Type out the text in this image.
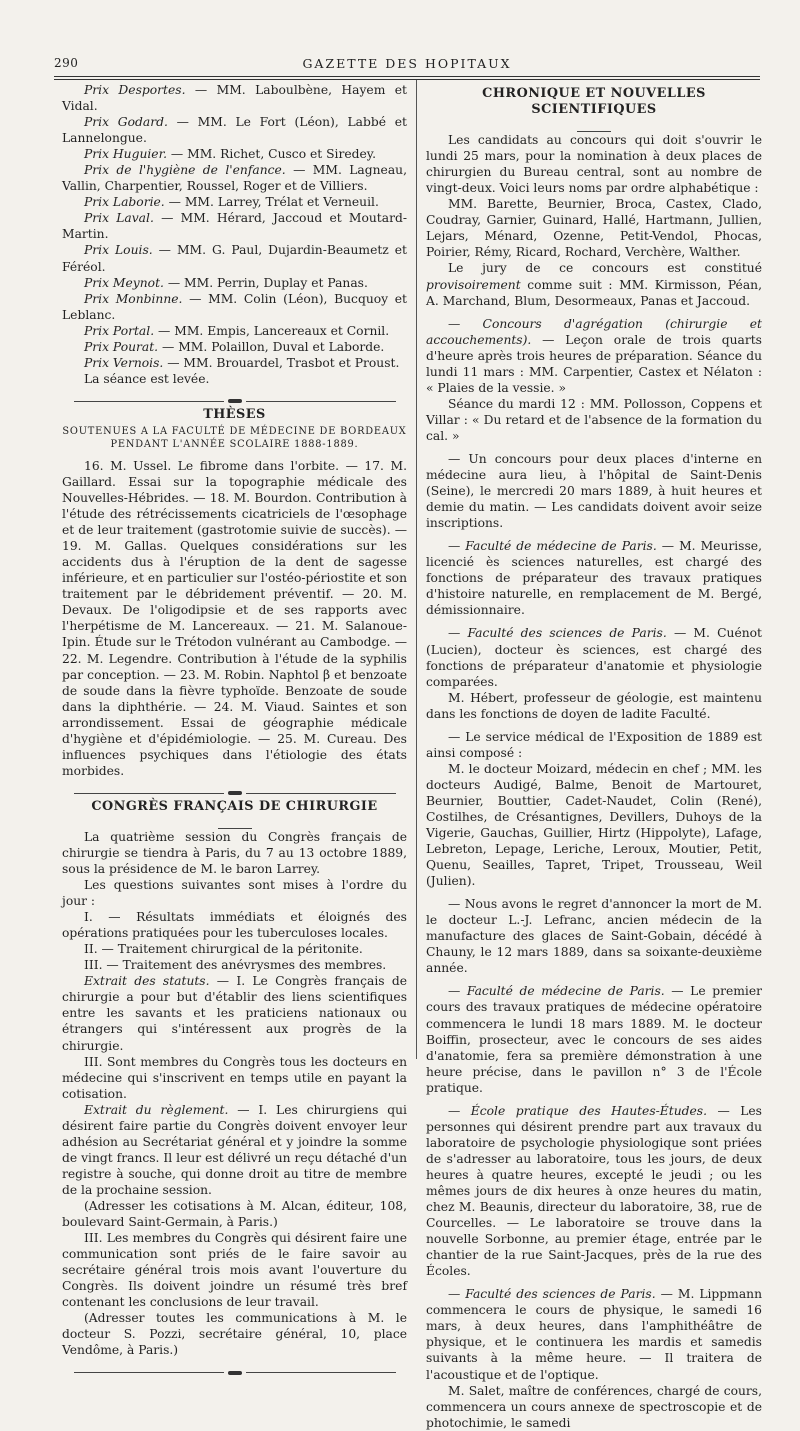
290	GAZETTE DES HOPITAUX

Prix Desportes. — MM. Laboulbène, Hayem et Vidal.

Prix Godard. — MM. Le Fort (Léon), Labbé et Lannelongue.

Prix Huguier. — MM. Richet, Cusco et Siredey.

Prix de l'hygiène de l'enfance. — MM. Lagneau, Vallin, Charpentier, Roussel, Roger et de Villiers.

Prix Laborie. — MM. Larrey, Trélat et Verneuil.

Prix Laval. — MM. Hérard, Jaccoud et Moutard-Martin.

Prix Louis. — MM. G. Paul, Dujardin-Beaumetz et Féréol.

Prix Meynot. — MM. Perrin, Duplay et Panas.

Prix Monbinne. — MM. Colin (Léon), Bucquoy et Leblanc.

Prix Portal. — MM. Empis, Lancereaux et Cornil.

Prix Pourat. — MM. Polaillon, Duval et Laborde.

Prix Vernois. — MM. Brouardel, Trasbot et Proust.

La séance est levée.

THÈSES
SOUTENUES A LA FACULTÉ DE MÉDECINE DE BORDEAUX
PENDANT L'ANNÉE SCOLAIRE 1888-1889.

16. M. Ussel. Le fibrome dans l'orbite. — 17. M. Gaillard. Essai sur la topographie médicale des Nouvelles-Hébrides. — 18. M. Bourdon. Contribution à l'étude des rétrécissements cicatriciels de l'œsophage et de leur traitement (gastrotomie suivie de succès). — 19. M. Gallas. Quelques considérations sur les accidents dus à l'éruption de la dent de sagesse inférieure, et en particulier sur l'ostéo-périostite et son traitement par le débridement préventif. — 20. M. Devaux. De l'oligodipsie et de ses rapports avec l'herpétisme de M. Lancereaux. — 21. M. Salanoue-Ipin. Étude sur le Trétodon vulnérant au Cambodge. — 22. M. Legendre. Contribution à l'étude de la syphilis par conception. — 23. M. Robin. Naphtol β et benzoate de soude dans la fièvre typhoïde. Benzoate de soude dans la diphthérie. — 24. M. Viaud. Saintes et son arrondissement. Essai de géographie médicale d'hygiène et d'épidémiologie. — 25. M. Cureau. Des influences psychiques dans l'étiologie des états morbides.

CONGRÈS FRANÇAIS DE CHIRURGIE

La quatrième session du Congrès français de chirurgie se tiendra à Paris, du 7 au 13 octobre 1889, sous la présidence de M. le baron Larrey.

Les questions suivantes sont mises à l'ordre du jour :

I. — Résultats immédiats et éloignés des opérations pratiquées pour les tuberculoses locales.

II. — Traitement chirurgical de la péritonite.

III. — Traitement des anévrysmes des membres.

Extrait des statuts. — I. Le Congrès français de chirurgie a pour but d'établir des liens scientifiques entre les savants et les praticiens nationaux ou étrangers qui s'intéressent aux progrès de la chirurgie.

III. Sont membres du Congrès tous les docteurs en médecine qui s'inscrivent en temps utile en payant la cotisation.

Extrait du règlement. — I. Les chirurgiens qui désirent faire partie du Congrès doivent envoyer leur adhésion au Secrétariat général et y joindre la somme de vingt francs. Il leur est délivré un reçu détaché d'un registre à souche, qui donne droit au titre de membre de la prochaine session.

(Adresser les cotisations à M. Alcan, éditeur, 108, boulevard Saint-Germain, à Paris.)

III. Les membres du Congrès qui désirent faire une communication sont priés de le faire savoir au secrétaire général trois mois avant l'ouverture du Congrès. Ils doivent joindre un résumé très bref contenant les conclusions de leur travail.

(Adresser toutes les communications à M. le docteur S. Pozzi, secrétaire général, 10, place Vendôme, à Paris.)

CHRONIQUE ET NOUVELLES SCIENTIFIQUES

Les candidats au concours qui doit s'ouvrir le lundi 25 mars, pour la nomination à deux places de chirurgien du Bureau central, sont au nombre de vingt-deux. Voici leurs noms par ordre alphabétique :

MM. Barette, Beurnier, Broca, Castex, Clado, Coudray, Garnier, Guinard, Hallé, Hartmann, Jullien, Lejars, Ménard, Ozenne, Petit-Vendol, Phocas, Poirier, Rémy, Ricard, Rochard, Verchère, Walther.

Le jury de ce concours est constitué provisoirement comme suit : MM. Kirmisson, Péan, A. Marchand, Blum, Desormeaux, Panas et Jaccoud.

— Concours d'agrégation (chirurgie et accouchements). — Leçon orale de trois quarts d'heure après trois heures de préparation. Séance du lundi 11 mars : MM. Carpentier, Castex et Nélaton : « Plaies de la vessie. »

Séance du mardi 12 : MM. Pollosson, Coppens et Villar : « Du retard et de l'absence de la formation du cal. »

— Un concours pour deux places d'interne en médecine aura lieu, à l'hôpital de Saint-Denis (Seine), le mercredi 20 mars 1889, à huit heures et demie du matin. — Les candidats doivent avoir seize inscriptions.

— Faculté de médecine de Paris. — M. Meurisse, licencié ès sciences naturelles, est chargé des fonctions de préparateur des travaux pratiques d'histoire naturelle, en remplacement de M. Bergé, démissionnaire.

— Faculté des sciences de Paris. — M. Cuénot (Lucien), docteur ès sciences, est chargé des fonctions de préparateur d'anatomie et physiologie comparées.

M. Hébert, professeur de géologie, est maintenu dans les fonctions de doyen de ladite Faculté.

— Le service médical de l'Exposition de 1889 est ainsi composé :

M. le docteur Moizard, médecin en chef ; MM. les docteurs Audigé, Balme, Benoit de Martouret, Beurnier, Bouttier, Cadet-Naudet, Colin (René), Costilhes, de Crésantignes, Devillers, Duhoys de la Vigerie, Gauchas, Guillier, Hirtz (Hippolyte), Lafage, Lebreton, Lepage, Leriche, Leroux, Moutier, Petit, Quenu, Seailles, Tapret, Tripet, Trousseau, Weil (Julien).

— Nous avons le regret d'annoncer la mort de M. le docteur L.-J. Lefranc, ancien médecin de la manufacture des glaces de Saint-Gobain, décédé à Chauny, le 12 mars 1889, dans sa soixante-deuxième année.

— Faculté de médecine de Paris. — Le premier cours des travaux pratiques de médecine opératoire commencera le lundi 18 mars 1889. M. le docteur Boiffin, prosecteur, avec le concours de ses aides d'anatomie, fera sa première démonstration à une heure précise, dans le pavillon n° 3 de l'École pratique.

— École pratique des Hautes-Études. — Les personnes qui désirent prendre part aux travaux du laboratoire de psychologie physiologique sont priées de s'adresser au laboratoire, tous les jours, de deux heures à quatre heures, excepté le jeudi ; ou les mêmes jours de dix heures à onze heures du matin, chez M. Beaunis, directeur du laboratoire, 38, rue de Courcelles. — Le laboratoire se trouve dans la nouvelle Sorbonne, au premier étage, entrée par le chantier de la rue Saint-Jacques, près de la rue des Écoles.

— Faculté des sciences de Paris. — M. Lippmann commencera le cours de physique, le samedi 16 mars, à deux heures, dans l'amphithéâtre de physique, et le continuera les mardis et samedis suivants à la même heure. — Il traitera de l'acoustique et de l'optique.

M. Salet, maître de conférences, chargé de cours, commencera un cours annexe de spectroscopie et de photochimie, le samedi
